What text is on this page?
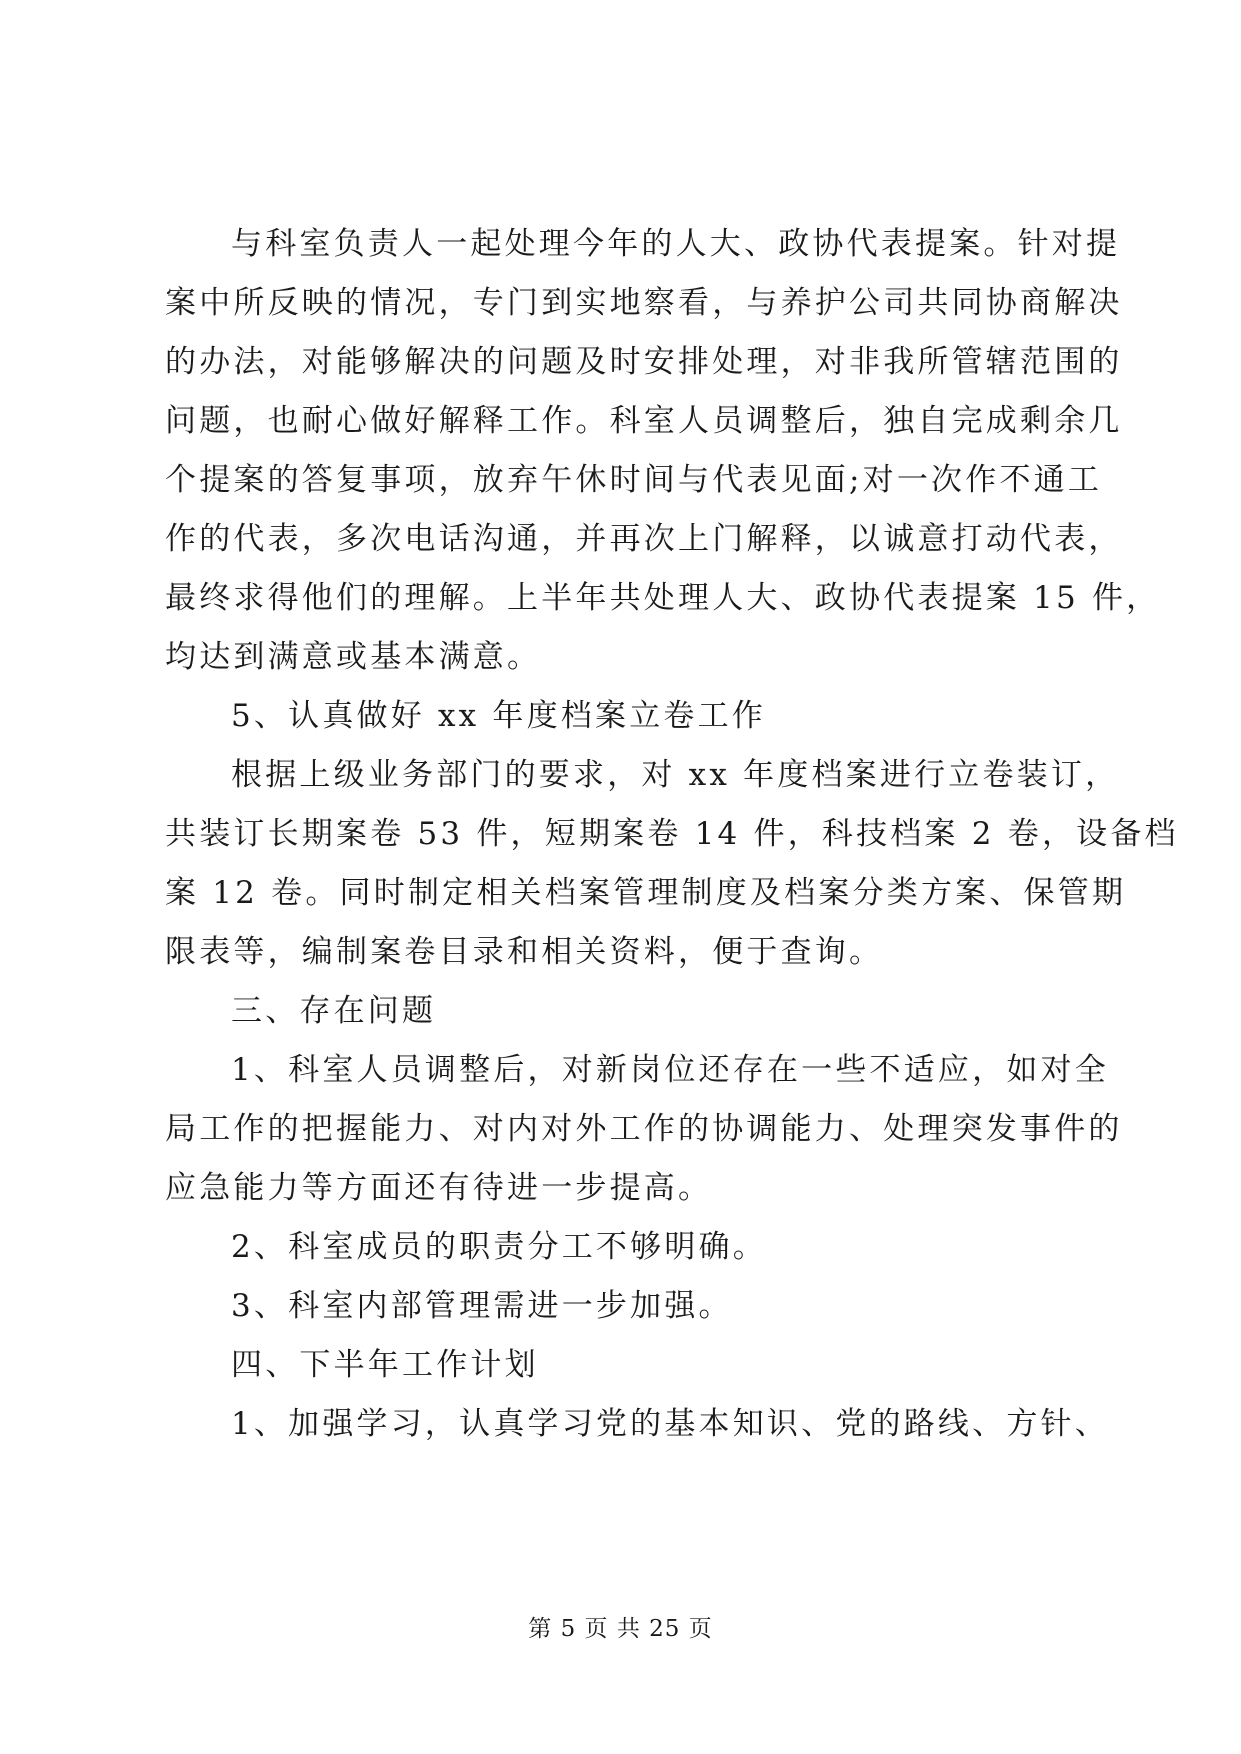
与科室负责人一起处理今年的人大、政协代表提案。针对提
案中所反映的情况，专门到实地察看，与养护公司共同协商解决
的办法，对能够解决的问题及时安排处理，对非我所管辖范围的
问题，也耐心做好解释工作。科室人员调整后，独自完成剩余几
个提案的答复事项，放弃午休时间与代表见面;对一次作不通工
作的代表，多次电话沟通，并再次上门解释，以诚意打动代表，
最终求得他们的理解。上半年共处理人大、政协代表提案 15 件，
均达到满意或基本满意。
5、认真做好 xx 年度档案立卷工作
根据上级业务部门的要求，对 xx 年度档案进行立卷装订，
共装订长期案卷 53 件，短期案卷 14 件，科技档案 2 卷，设备档
案 12 卷。同时制定相关档案管理制度及档案分类方案、保管期
限表等，编制案卷目录和相关资料，便于查询。
三、存在问题
1、科室人员调整后，对新岗位还存在一些不适应，如对全
局工作的把握能力、对内对外工作的协调能力、处理突发事件的
应急能力等方面还有待进一步提高。
2、科室成员的职责分工不够明确。
3、科室内部管理需进一步加强。
四、下半年工作计划
1、加强学习，认真学习党的基本知识、党的路线、方针、
第 5 页 共 25 页
